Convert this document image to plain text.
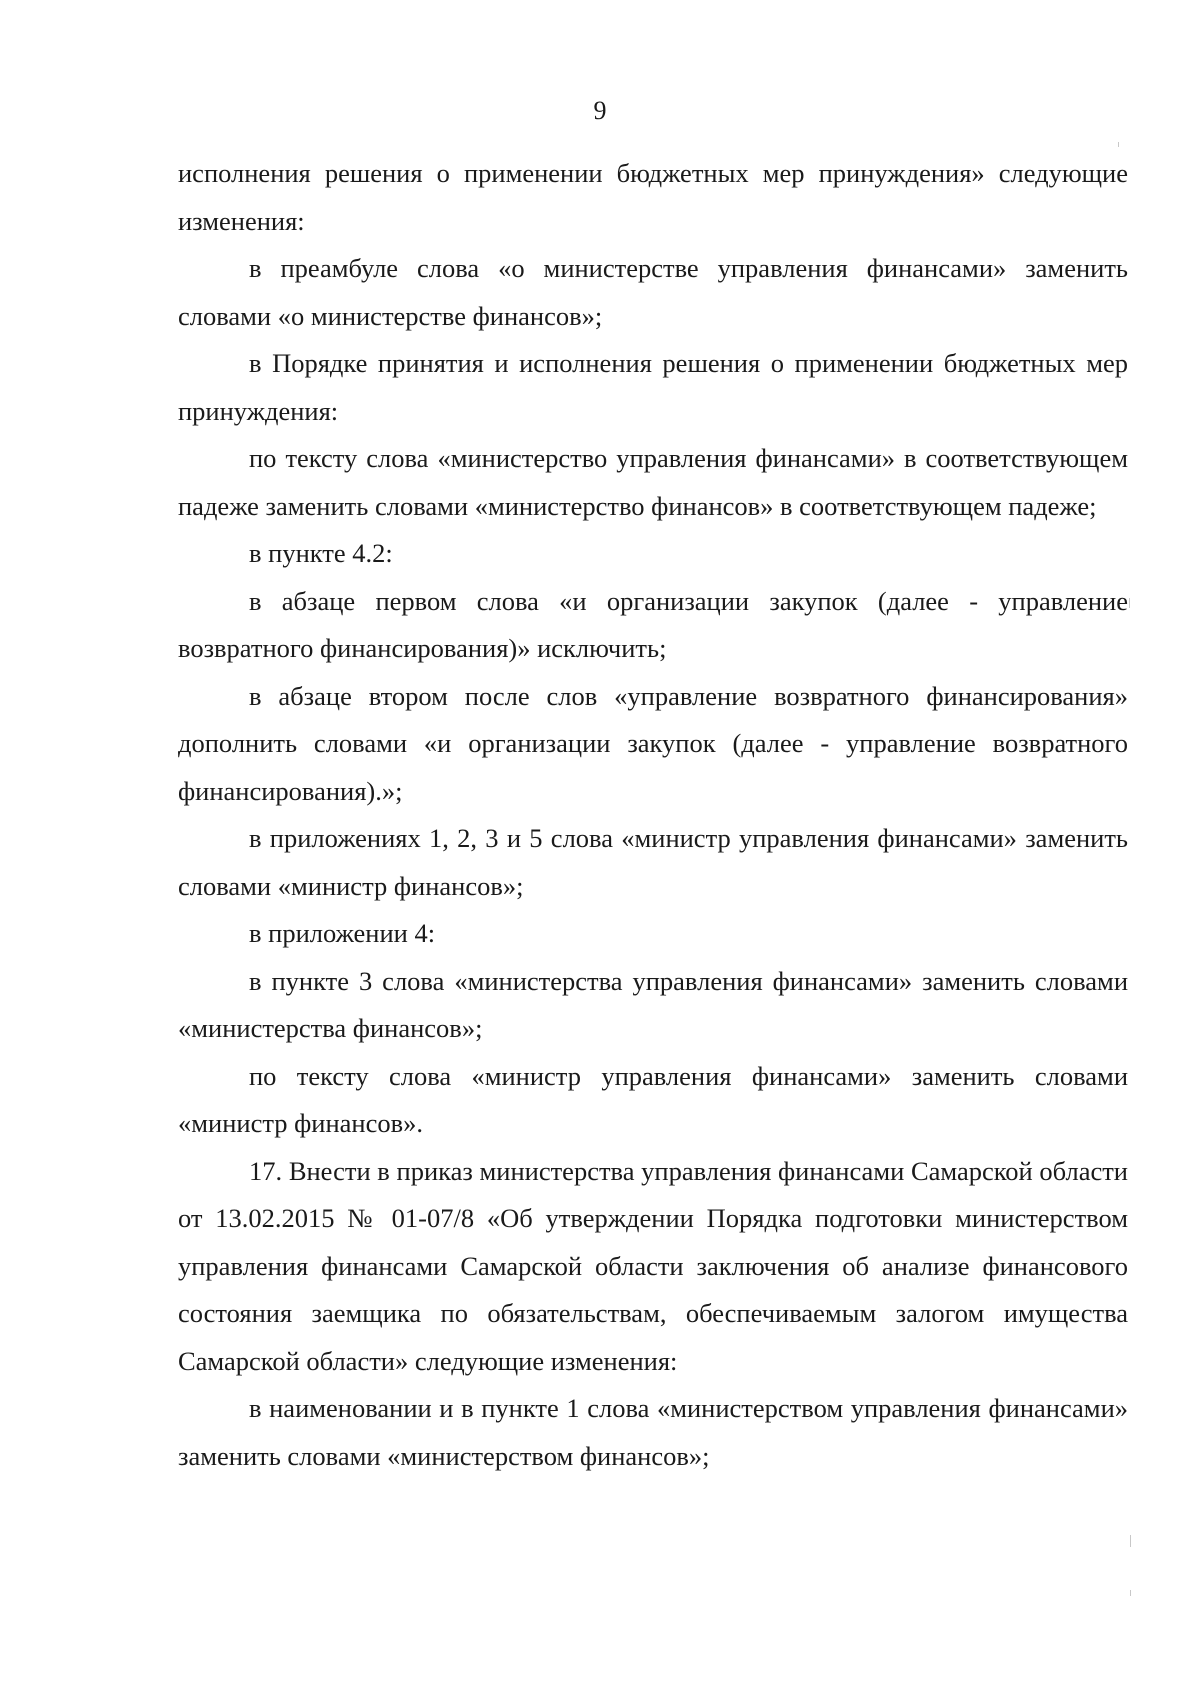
9

исполнения решения о применении бюджетных мер принуждения» следующие изменения:

в преамбуле слова «о министерстве управления финансами» заменить словами «о министерстве финансов»;

в Порядке принятия и исполнения решения о применении бюджетных мер принуждения:

по тексту слова «министерство управления финансами» в соответствующем падеже заменить словами «министерство финансов» в соответствующем падеже;

в пункте 4.2:

в абзаце первом слова «и организации закупок (далее - управление возвратного финансирования)» исключить;

в абзаце втором после слов «управление возвратного финансирования» дополнить словами «и организации закупок (далее - управление возвратного финансирования).»;

в приложениях 1, 2, 3 и 5 слова «министр управления финансами» заменить словами «министр финансов»;

в приложении 4:

в пункте 3 слова «министерства управления финансами» заменить словами «министерства финансов»;

по тексту слова «министр управления финансами» заменить словами «министр финансов».

17. Внести в приказ министерства управления финансами Самарской области от 13.02.2015 № 01-07/8 «Об утверждении Порядка подготовки министерством управления финансами Самарской области заключения об анализе финансового состояния заемщика по обязательствам, обеспечиваемым залогом имущества Самарской области» следующие изменения:

в наименовании и в пункте 1 слова «министерством управления финансами» заменить словами «министерством финансов»;
